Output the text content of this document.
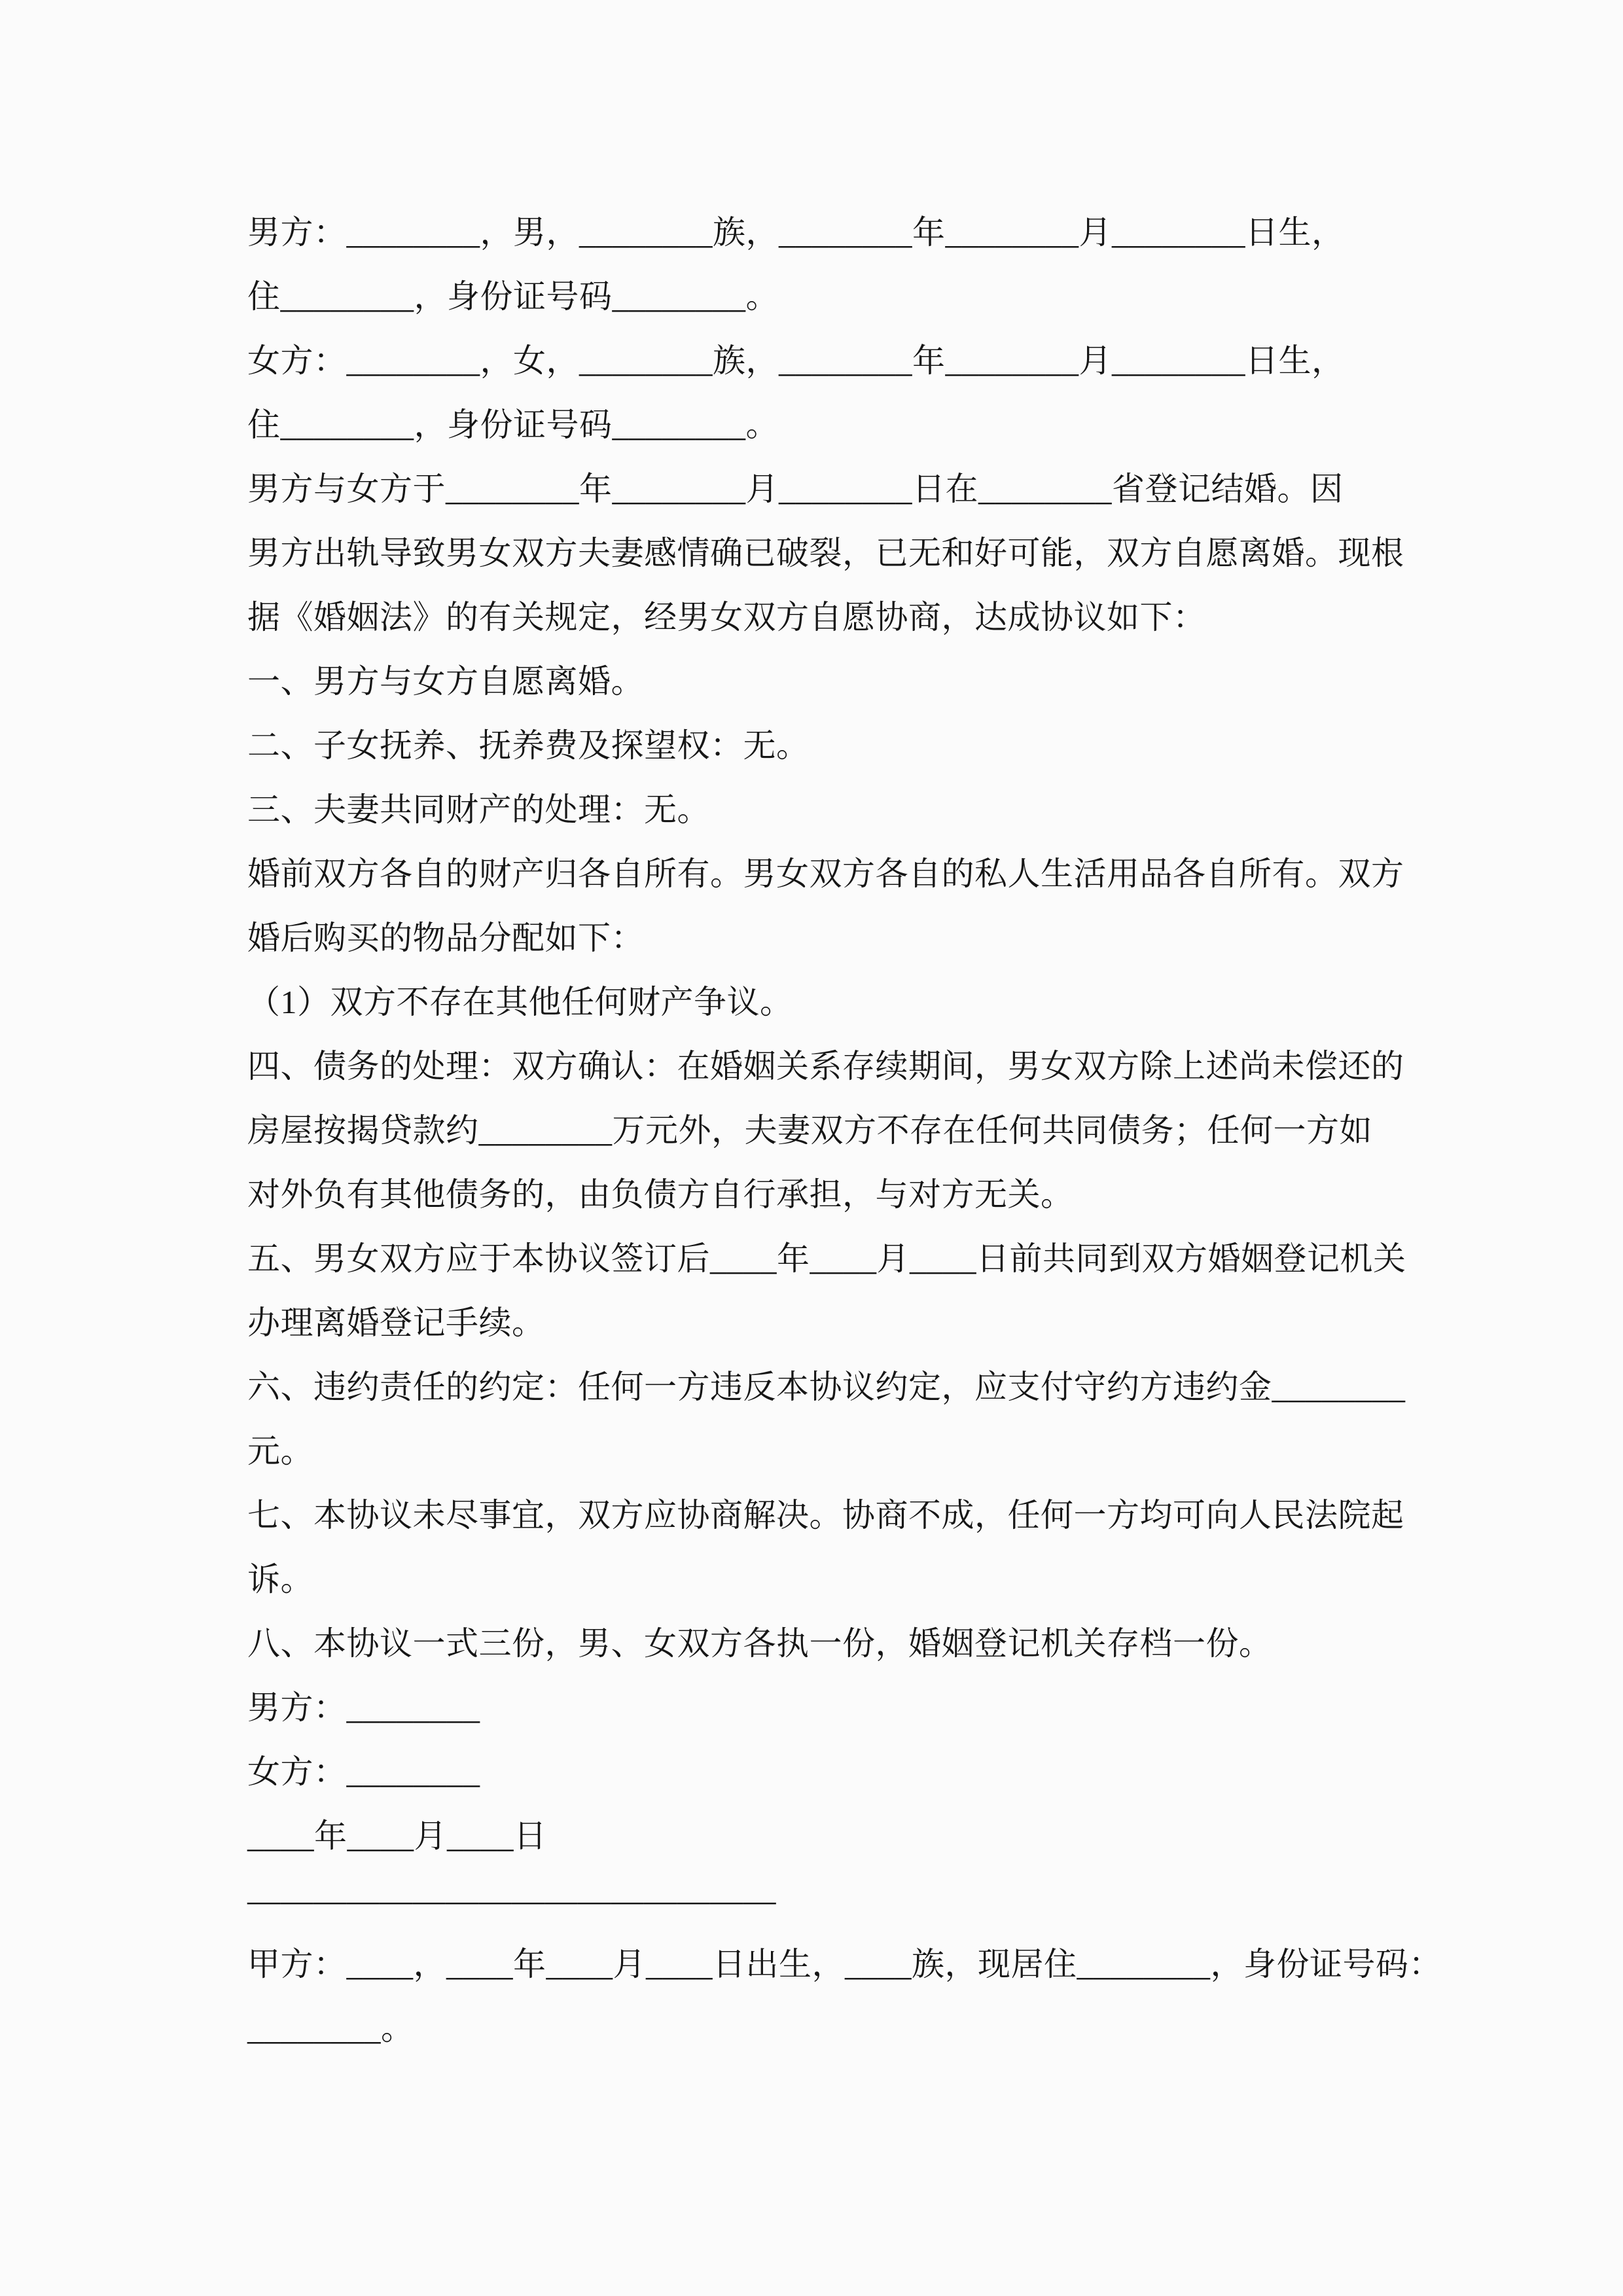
男方：________，男，________族，________年________月________日生，
住________，身份证号码________。
女方：________，女，________族，________年________月________日生，
住________，身份证号码________。
男方与女方于________年________月________日在________省登记结婚。因
男方出轨导致男女双方夫妻感情确已破裂，已无和好可能，双方自愿离婚。现根
据《婚姻法》的有关规定，经男女双方自愿协商，达成协议如下：
一、男方与女方自愿离婚。
二、子女抚养、抚养费及探望权：无。
三、夫妻共同财产的处理：无。
婚前双方各自的财产归各自所有。男女双方各自的私人生活用品各自所有。双方
婚后购买的物品分配如下：
（1）双方不存在其他任何财产争议。
四、债务的处理：双方确认：在婚姻关系存续期间，男女双方除上述尚未偿还的
房屋按揭贷款约________万元外，夫妻双方不存在任何共同债务；任何一方如
对外负有其他债务的，由负债方自行承担，与对方无关。
五、男女双方应于本协议签订后____年____月____日前共同到双方婚姻登记机关
办理离婚登记手续。
六、违约责任的约定：任何一方违反本协议约定，应支付守约方违约金________
元。
七、本协议未尽事宜，双方应协商解决。协商不成，任何一方均可向人民法院起
诉。
八、本协议一式三份，男、女双方各执一份，婚姻登记机关存档一份。
男方：________
女方：________
____年____月____日
————————————————
甲方：____，____年____月____日出生，____族，现居住________，身份证号码：
________。
